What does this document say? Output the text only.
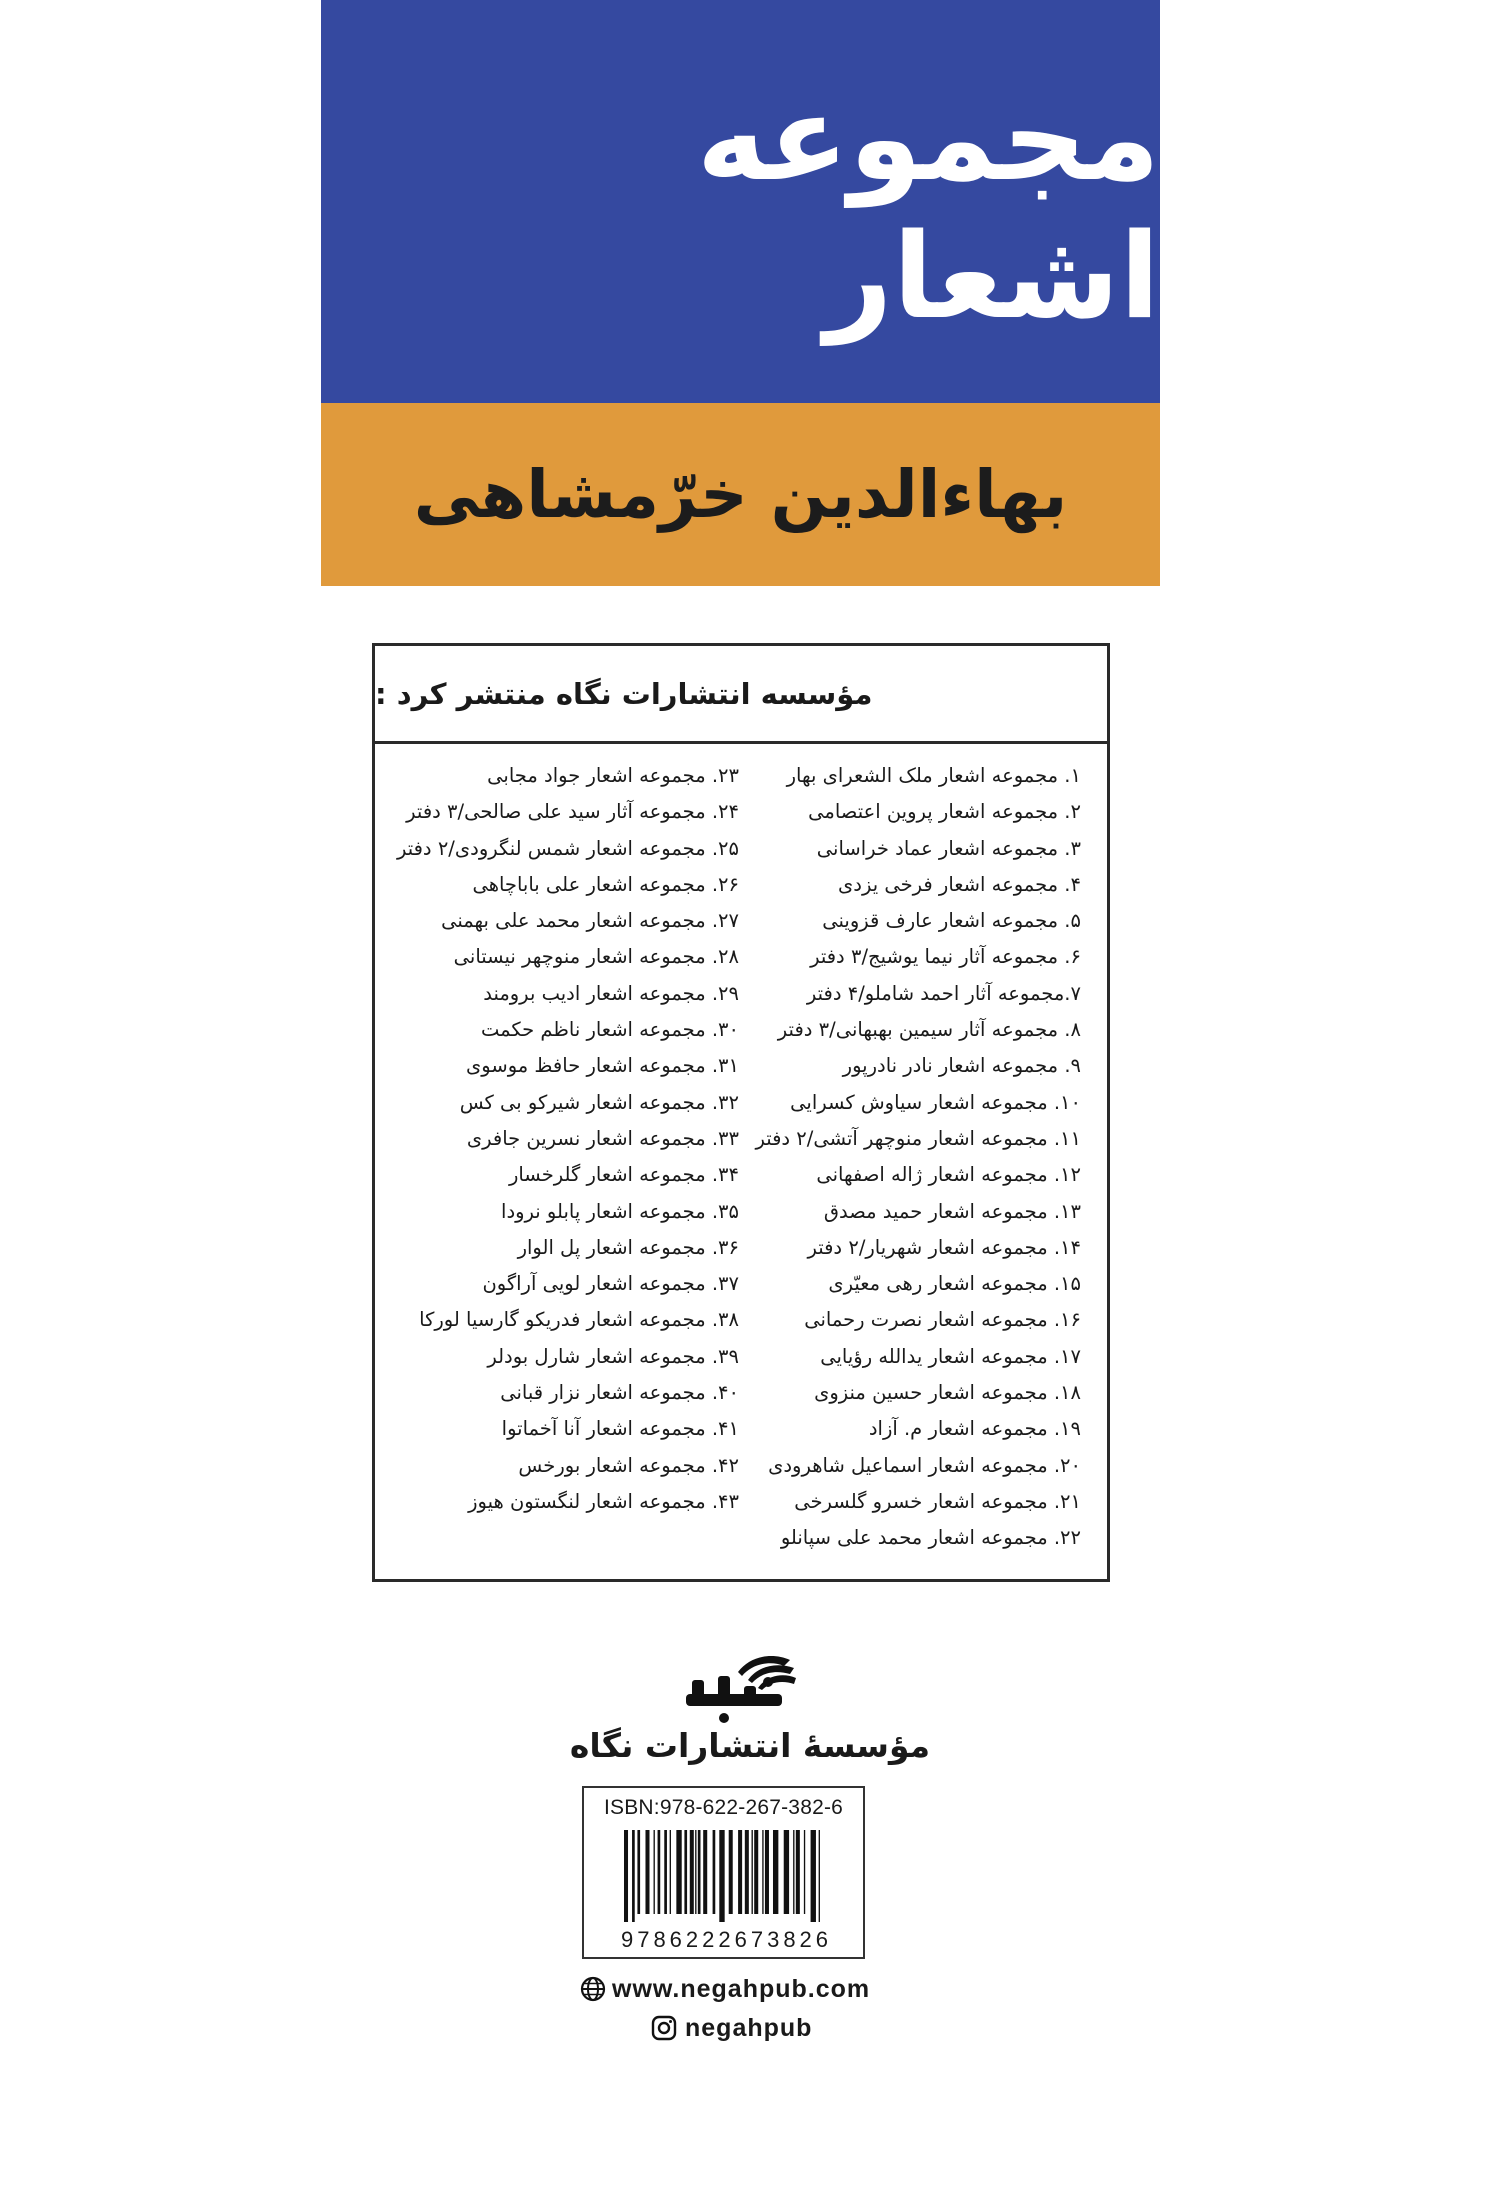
مجموعه اشعار
بهاءالدین خرّمشاهی
مؤسسه انتشارات نگاه منتشر کرد :
۱. مجموعه اشعار ملک الشعرای بهار
۲. مجموعه اشعار پروین اعتصامی
۳. مجموعه اشعار عماد خراسانی
۴. مجموعه اشعار فرخی یزدی
۵. مجموعه اشعار عارف قزوینی
۶. مجموعه آثار نیما یوشیج/۳ دفتر
۷.مجموعه آثار احمد شاملو/۴ دفتر
۸. مجموعه آثار سیمین بهبهانی/۳ دفتر
۹. مجموعه اشعار نادر نادرپور
۱۰. مجموعه اشعار سیاوش کسرایی
۱۱. مجموعه اشعار منوچهر آتشی/۲ دفتر
۱۲. مجموعه اشعار ژاله اصفهانی
۱۳. مجموعه اشعار حمید مصدق
۱۴. مجموعه اشعار شهریار/۲ دفتر
۱۵. مجموعه اشعار رهی معیّری
۱۶. مجموعه اشعار نصرت رحمانی
۱۷. مجموعه اشعار یدالله رؤیایی
۱۸. مجموعه اشعار حسین منزوی
۱۹. مجموعه اشعار م. آزاد
۲۰. مجموعه اشعار اسماعیل شاهرودی
۲۱. مجموعه اشعار خسرو گلسرخی
۲۲. مجموعه اشعار محمد علی سپانلو
۲۳. مجموعه اشعار جواد مجابی
۲۴. مجموعه آثار سید علی صالحی/۳ دفتر
۲۵. مجموعه اشعار شمس لنگرودی/۲ دفتر
۲۶. مجموعه اشعار علی باباچاهی
۲۷. مجموعه اشعار محمد علی بهمنی
۲۸. مجموعه اشعار منوچهر نیستانی
۲۹. مجموعه اشعار ادیب برومند
۳۰. مجموعه اشعار ناظم حکمت
۳۱. مجموعه اشعار حافظ موسوی
۳۲. مجموعه اشعار شیرکو بی کس
۳۳. مجموعه اشعار نسرین جافری
۳۴. مجموعه اشعار گلرخسار
۳۵. مجموعه اشعار پابلو نرودا
۳۶. مجموعه اشعار پل الوار
۳۷. مجموعه اشعار لویی آراگون
۳۸. مجموعه اشعار فدریکو گارسیا لورکا
۳۹. مجموعه اشعار شارل بودلر
۴۰. مجموعه اشعار نزار قبانی
۴۱. مجموعه اشعار آنا آخماتوا
۴۲. مجموعه اشعار بورخس
۴۳. مجموعه اشعار لنگستون هیوز
مؤسسهٔ انتشارات نگاه
ISBN:978-622-267-382-6
9786222673826
www.negahpub.com
negahpub
